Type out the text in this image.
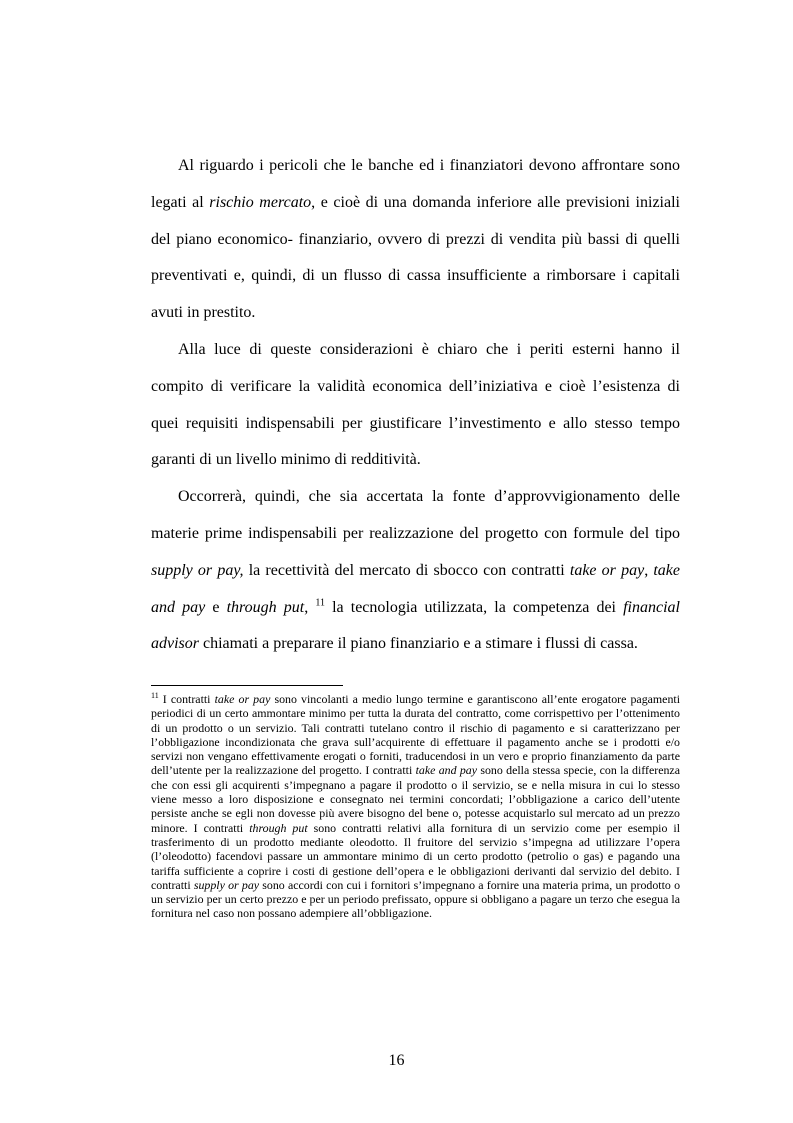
Al riguardo i pericoli che le banche ed i finanziatori devono affrontare sono legati al rischio mercato, e cioè di una domanda inferiore alle previsioni iniziali del piano economico- finanziario, ovvero di prezzi di vendita più bassi di quelli preventivati e, quindi, di un flusso di cassa insufficiente a rimborsare i capitali avuti in prestito.

Alla luce di queste considerazioni è chiaro che i periti esterni hanno il compito di verificare la validità economica dell’iniziativa e cioè l’esistenza di quei requisiti indispensabili per giustificare l’investimento e allo stesso tempo garanti di un livello minimo di redditività.

Occorrerà, quindi, che sia accertata la fonte d’approvvigionamento delle materie prime indispensabili per realizzazione del progetto con formule del tipo supply or pay, la recettività del mercato di sbocco con contratti take or pay, take and pay e through put, $^{11}$ la tecnologia utilizzata, la competenza dei financial advisor chiamati a preparare il piano finanziario e a stimare i flussi di cassa.

$^{11}$ I contratti take or pay sono vincolanti a medio lungo termine e garantiscono all’ente erogatore pagamenti periodici di un certo ammontare minimo per tutta la durata del contratto, come corrispettivo per l’ottenimento di un prodotto o un servizio. Tali contratti tutelano contro il rischio di pagamento e si caratterizzano per l’obbligazione incondizionata che grava sull’acquirente di effettuare il pagamento anche se i prodotti e/o servizi non vengano effettivamente erogati o forniti, traducendosi in un vero e proprio finanziamento da parte dell’utente per la realizzazione del progetto. I contratti take and pay sono della stessa specie, con la differenza che con essi gli acquirenti s’impegnano a pagare il prodotto o il servizio, se e nella misura in cui lo stesso viene messo a loro disposizione e consegnato nei termini concordati; l’obbligazione a carico dell’utente persiste anche se egli non dovesse più avere bisogno del bene o, potesse acquistarlo sul mercato ad un prezzo minore. I contratti through put sono contratti relativi alla fornitura di un servizio come per esempio il trasferimento di un prodotto mediante oleodotto. Il fruitore del servizio s’impegna ad utilizzare l’opera (l’oleodotto) facendovi passare un ammontare minimo di un certo prodotto (petrolio o gas) e pagando una tariffa sufficiente a coprire i costi di gestione dell’opera e le obbligazioni derivanti dal servizio del debito. I contratti supply or pay sono accordi con cui i fornitori s’impegnano a fornire una materia prima, un prodotto o un servizio per un certo prezzo e per un periodo prefissato, oppure si obbligano a pagare un terzo che esegua la fornitura nel caso non possano adempiere all’obbligazione.
16
